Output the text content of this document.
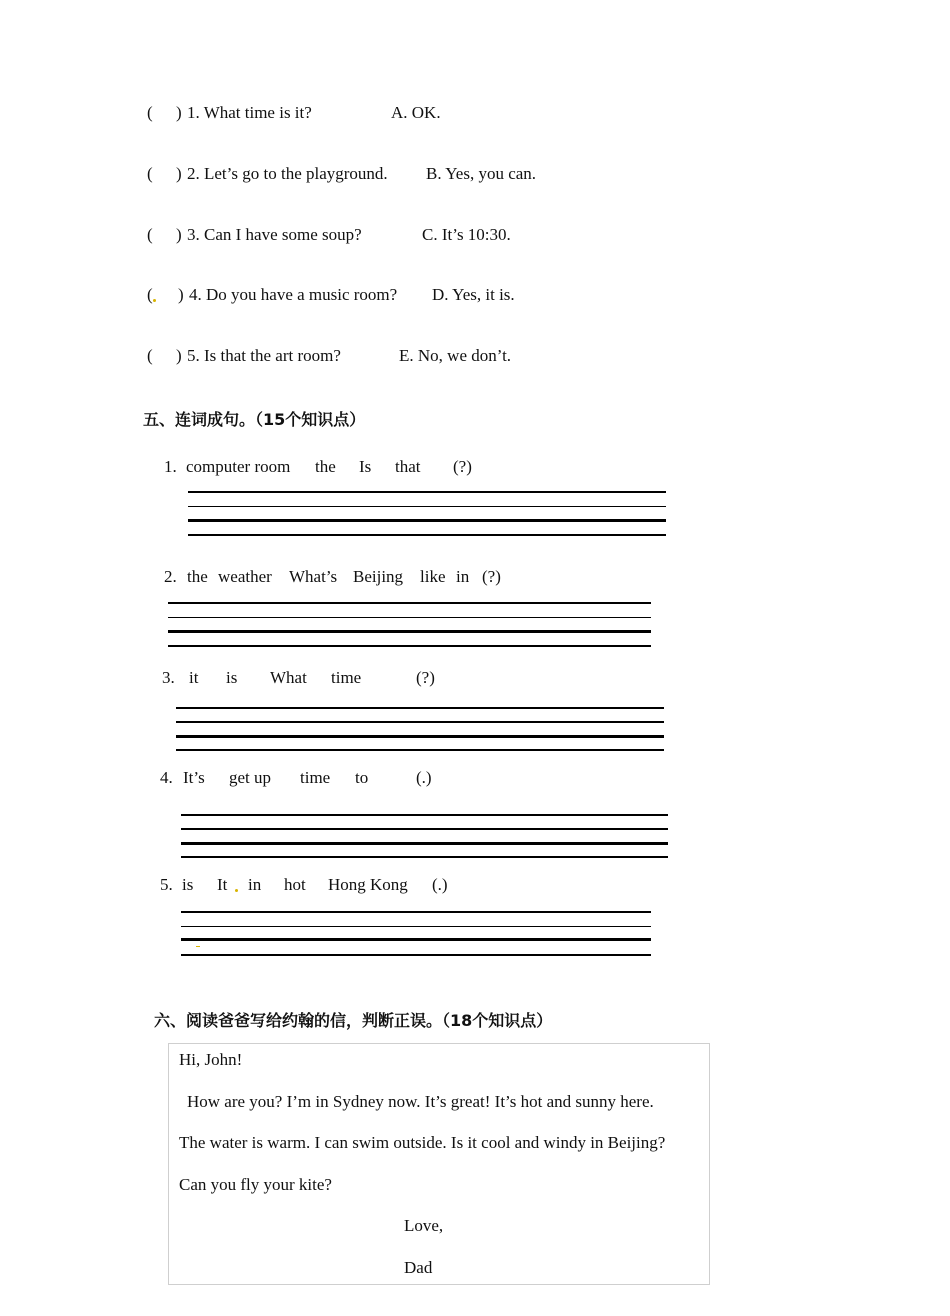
( ) 1. What time is it?	A. OK.
( ) 2. Let’s go to the playground. B. Yes, you can.
( ) 3. Can I have some soup?	C. It’s 10:30.
( ) 4. Do you have a music room? D. Yes, it is.
( ) 5. Is that the art room?	E. No, we don’t.
五、连词成句。（15个知识点）
1. computer room the Is that (?)
2. the weather What’s Beijing like in (?)
3. it is What time	(?)
4. It’s get up time to	(.)
5. is It in hot Hong Kong (.)
六、阅读爸爸写给约翰的信，判断正误。（18个知识点）
Hi, John!
How are you? I’m in Sydney now. It’s great! It’s hot and sunny here.
The water is warm. I can swim outside. Is it cool and windy in Beijing?
Can you fly your kite?
Love,
Dad
